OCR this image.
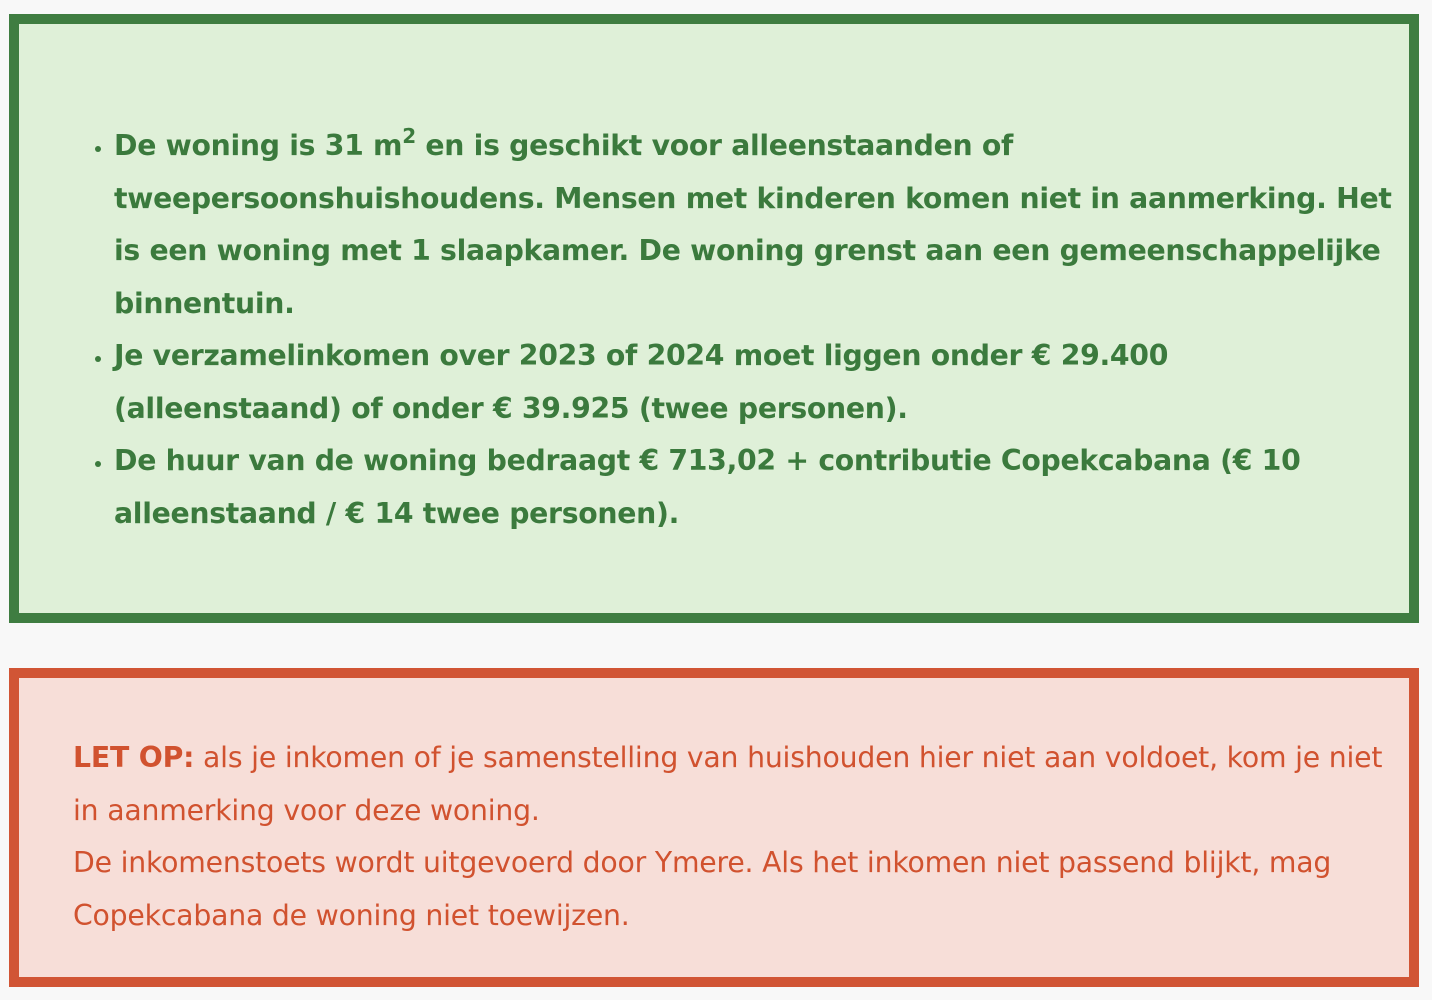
• De woning is 31 $m^2$ en is geschikt voor alleenstaanden of tweepersoonshuishoudens. Mensen met kinderen komen niet in aanmerking. Het is een woning met 1 slaapkamer. De woning grenst aan een gemeenschappelijke binnentuin.
• Je verzamelinkomen over 2023 of 2024 moet liggen onder € 29.400 (alleenstaand) of onder € 39.925 (twee personen).
• De huur van de woning bedraagt € 713,02 + contributie Copekcabana (€ 10 alleenstaand / € 14 twee personen).

LET OP: als je inkomen of je samenstelling van huishouden hier niet aan voldoet, kom je niet in aanmerking voor deze woning.

De inkomenstoets wordt uitgevoerd door Ymere. Als het inkomen niet passend blijkt, mag Copekcabana de woning niet toewijzen.
